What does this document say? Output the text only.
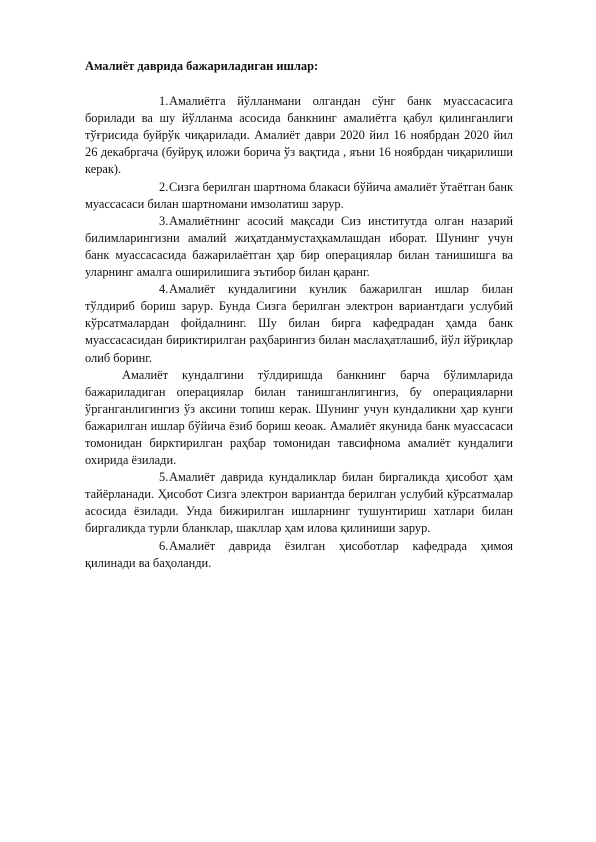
Амалиёт даврида бажариладиган ишлар:

1.Амалиётга йўлланмани олгандан сўнг банк муассасасига борилади ва шу йўлланма асосида банкнинг амалиётга қабул қилинганлиги тўғрисида буйрўк чиқарилади. Амалиёт даври 2020 йил 16 ноябрдан 2020 йил 26 декабргача (буйруқ иложи борича ўз вақтида , яъни 16 ноябрдан чиқарилиши керак).

2.Сизга берилган шартнома блакаси бўйича амалиёт ўтаётган банк муассасаси билан шартномани имзолатиш зарур.

3.Амалиётнинг асосий мақсади Сиз институтда олган назарий билимларингизни амалий жиҳатданмустаҳкамлашдан иборат. Шунинг учун банк муассасасида бажарилаётган ҳар бир операциялар билан танишишга ва уларнинг амалга оширилишига эътибор билан қаранг.

4.Амалиёт кундалигини кунлик бажарилган ишлар билан тўлдириб бориш зарур. Бунда Сизга берилган электрон вариантдаги услубий кўрсатмалардан фойдалнинг. Шу билан бирга кафедрадан ҳамда банк муассасасидан бириктирилган раҳбарингиз билан маслаҳатлашиб, йўл йўриқлар олиб боринг.

Амалиёт кундалгини тўлдиришда банкнинг барча бўлимларида бажариладиган операциялар билан танишганлигингиз, бу операцияларни ўрганганлигингиз ўз аксини топиш керак. Шунинг учун кундаликни ҳар кунги бажарилган ишлар бўйича ёзиб бориш кеоак. Амалиёт якунида банк муассасаси томонидан бирктирилган раҳбар томонидан тавсифнома амалиёт кундалиги охирида ёзилади.

5.Амалиёт даврида кундаликлар билан биргаликда ҳисобот ҳам тайёрланади. Ҳисобот Сизга электрон вариантда берилган услубий кўрсатмалар асосида ёзилади. Унда бижирилган ишларнинг тушунтириш хатлари билан биргаликда турли бланклар, шакллар ҳам илова қилиниши зарур.

6.Амалиёт даврида ёзилган ҳисоботлар кафедрада ҳимоя қилинади ва баҳоланди.
